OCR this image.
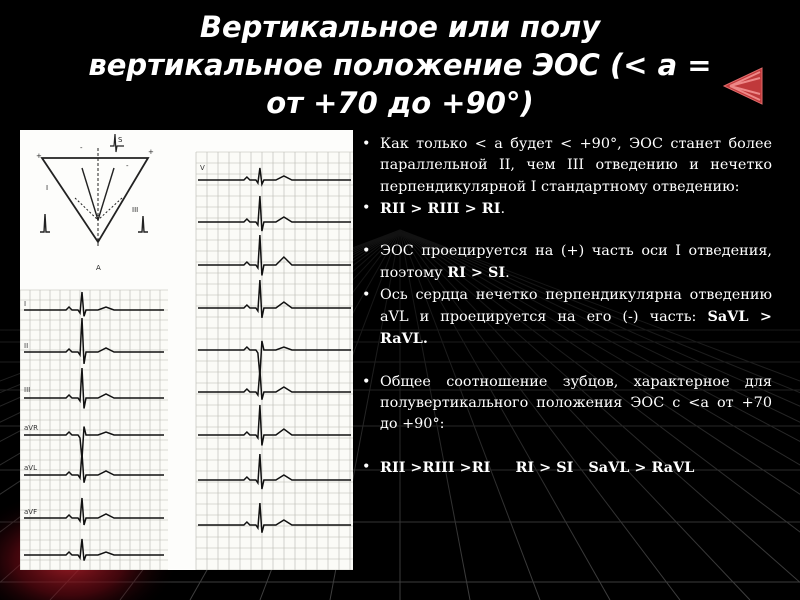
Вертикальное или полу
вертикальное положение ЭОС (< а =
от +70 до +90°)
+	+
-
-
I
III
A
S
I
II
III
aVR
aVL
aVF
V
• Как только < а будет < +90°, ЭОС станет более параллельной II, чем III отведению и нечетко перпендикулярной I стандартному отведению:
• RII > RIII > RI.
• ЭОС проецируется на (+) часть оси I отведения, поэтому RI > SI.
• Ось сердца нечетко перпендикулярна отведению aVL и проецируется на его (-) часть: SaVL > RaVL.
• Общее соотношение зубцов, характерное для полувертикального положения ЭОС с <а от +70 до +90°:
• RII >RIII >RI     RI > SI   SaVL > RaVL
